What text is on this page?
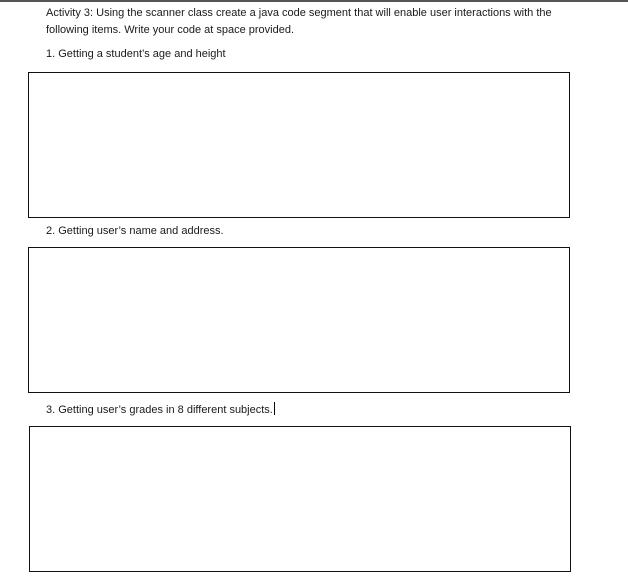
Activity 3: Using the scanner class create a java code segment that will enable user interactions with the
following items. Write your code at space provided.
1. Getting a student’s age and height
2. Getting user’s name and address.
3. Getting user’s grades in 8 different subjects.
